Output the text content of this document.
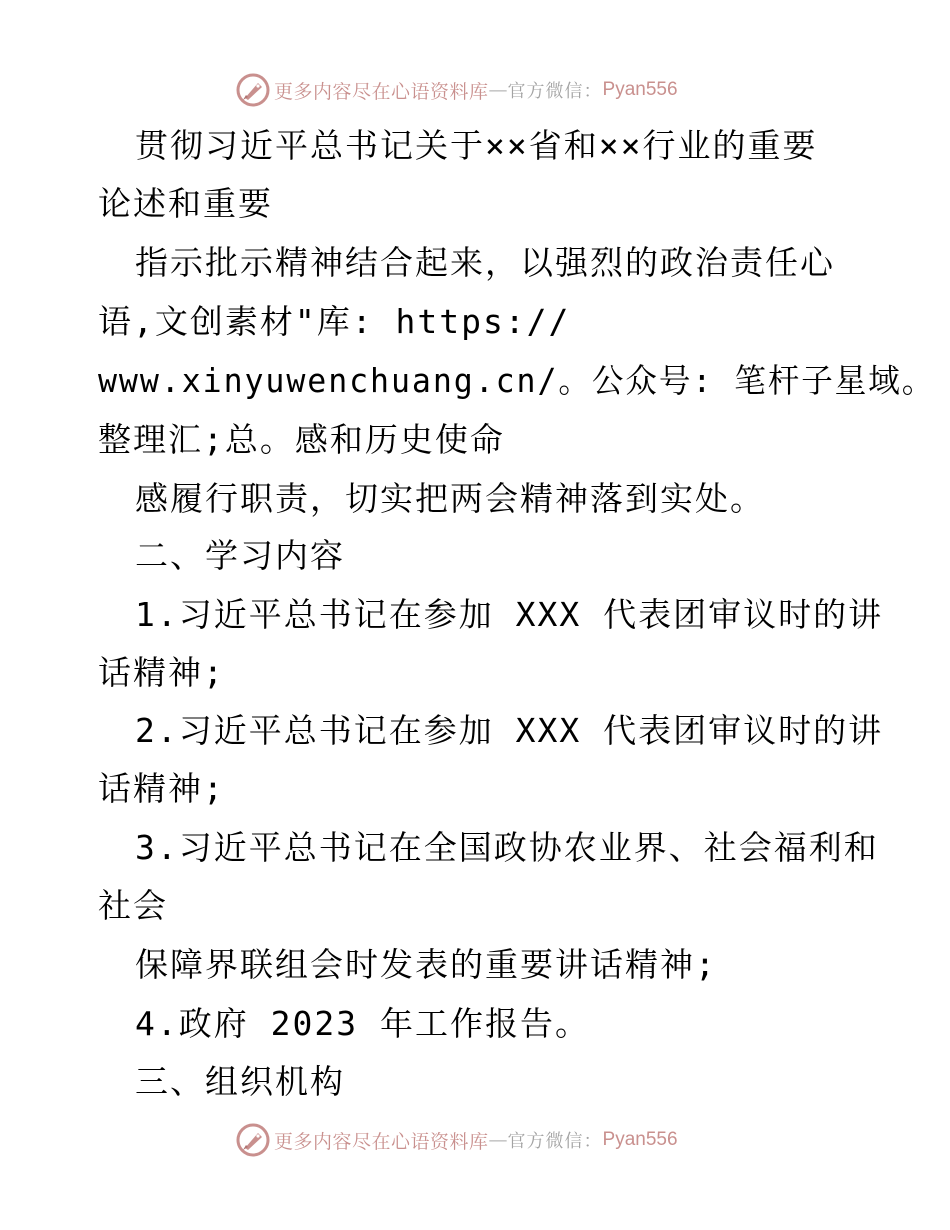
更多内容尽在心语资料库 — 官方微信： Pyan556
贯彻习近平总书记关于××省和××行业的重要
论述和重要
指示批示精神结合起来，以强烈的政治责任心
语,文创素材"库: https://
www.xinyuwenchuang.cn/。公众号: 笔杆子星域。
整理汇;总。感和历史使命
感履行职责，切实把两会精神落到实处。
二、学习内容
1.习近平总书记在参加 XXX 代表团审议时的讲
话精神;
2.习近平总书记在参加 XXX 代表团审议时的讲
话精神;
3.习近平总书记在全国政协农业界、社会福利和
社会
保障界联组会时发表的重要讲话精神;
4.政府 2023 年工作报告。
三、组织机构
更多内容尽在心语资料库 — 官方微信： Pyan556
